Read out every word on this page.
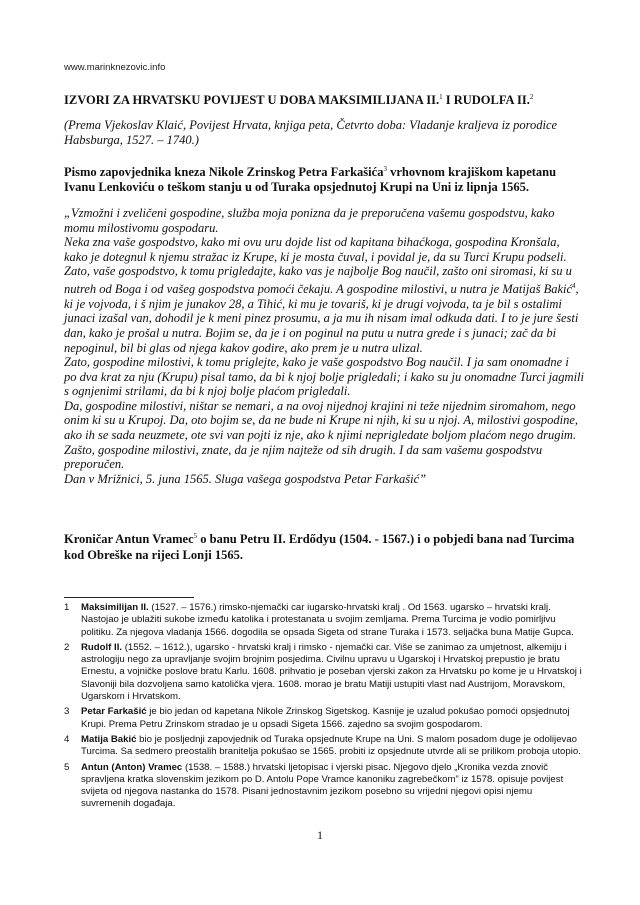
www.marinknezovic.info
IZVORI ZA HRVATSKU POVIJEST U DOBA MAKSIMILIJANA II.$^1$ I RUDOLFA II.$^2$
(Prema Vjekoslav Klaić, Povijest Hrvata, knjiga peta, Četvrto doba: Vladanje kraljeva iz porodice Habsburga, 1527. – 1740.)
Pismo zapovjednika kneza Nikole Zrinskog Petra Farkašića$^3$ vrhovnom krajiškom kapetanu Ivanu Lenkoviću o teškom stanju u od Turaka opsjednutoj Krupi na Uni iz lipnja 1565.

„Vzmožni i zveličeni gospodine, služba moja ponizna da je preporučena vašemu gospodstvu, kako momu milostivomu gospodaru.

Neka zna vaše gospodstvo, kako mi ovu uru dojde list od kapitana bihaćkoga, gospodina Kronšala, kako je dotegnul k njemu stražac iz Krupe, ki je mosta čuval, i povidal je, da su Turci Krupu podseli.

Zato, vaše gospodstvo, k tomu prigledajte, kako vas je najbolje Bog naučil, zašto oni siromasi, ki su u nutreh od Boga i od vašeg gospodstva pomoći čekaju. A gospodine milostivi, u nutra je Matijaš Bakić$^4$, ki je vojvoda, i š njim je junakov 28, a Tihić, ki mu je tovariš, ki je drugi vojvoda, ta je bil s ostalimi junaci izašal van, dohodil je k meni pinez prosити, a ja mu ih nisam imal odkuda dati. I to je jure šesti dan, kako je prošal u nutra. Bojim se, da je i on poginul na putu u nutra grede i s junaci; zač da bi nepoginul, bil bi glas od njega kakov godire, ako prem je u nutra ulizal.

Zato, gospodine milostivi, k tomu priglejte, kako je vaše gospodstvo Bog naučil. I ja sam onomadne i po dva krat za nju (Krupu) pisal tamo, da bi k njoj bolje prigledali; i kako su ju onomadne Turci jagmili s ognjenimi strilami, da bi k njoj bolje plaćom prigledali.

Da, gospodine milostivi, ništar se nemari, a na ovoj nijednoj krajini ni teže nijednim siromahom, nego onim ki su u Krupoj. Da, oto bojim se, da ne bude ni Krupe ni njih, ki su u njoj. A, milostivi gospodine, ako ih se sada neuzmete, ote svi van pojti iz nje, ako k njimi neprigledate boljom plaćom nego drugim.

Zašto, gospodine milostivi, znate, da je njim najteže od sih drugih. I da sam vašemu gospodstvu preporučen.

Dan v Mrižnici, 5. juna 1565. Sluga vašega gospodstva Petar Farkašić”

Kroničar Antun Vramec$^5$ o banu Petru II. Erdődyu (1504. - 1567.) i o pobjedi bana nad Turcima kod Obreške na rijeci Lonji 1565.
1	Maksimilijan II. (1527. – 1576.) rimsko-njemački car iugarsko-hrvatski kralj . Od 1563. ugarsko – hrvatski kralj. Nastojao je ublažiti sukobe između katolika i protestanata u svojim zemljama. Prema Turcima je vodio pomirljivu politiku. Za njegova vladanja 1566. dogodila se opsada Sigeta od strane Turaka i 1573. seljačka buna Matije Gupca.
2	Rudolf II. (1552. – 1612.), ugarsko - hrvatski kralj i rimsko - njemački car. Više se zanimao za umjetnost, alkemiju i astrologiju nego za upravljanje svojim brojnim posjedima. Civilnu upravu u Ugarskoj i Hrvatskoj prepustio je bratu Ernestu, a vojničke poslove bratu Karlu. 1608. prihvatio je poseban vjerski zakon za Hrvatsku po kome je u Hrvatskoj i Slavoniji bila dozvoljena samo katolička vjera. 1608. morao je bratu Matiji ustupiti vlast nad Austrijom, Moravskom, Ugarskom i Hrvatskom.
3	Petar Farkašić je bio jedan od kapetana Nikole Zrinskog Sigetskog. Kasnije je uzalud pokušao pomoći opsjednutoj Krupi. Prema Petru Zrinskom stradao je u opsadi Sigeta 1566. zajedno sa svojim gospodarom.
4	Matija Bakić bio je posljednji zapovjednik od Turaka opsjednute Krupe na Uni. S malom posadom duge je odolijevao Turcima. Sa sedmero preostalih branitelja pokušao se 1565. probiti iz opsjednute utvrde ali se prilikom proboja utopio.
5	Antun (Anton) Vramec (1538. – 1588.) hrvatski ljetopisac i vjerski pisac. Njegovo djelo „Kronika vezda znovič spravljena kratka slovenskim jezikom po D. Antolu Pope Vramce kanoniku zagrebečkom” iz 1578. opisuje povijest svijeta od njegova nastanka do 1578. Pisani jednostavnim jezikom posebno su vrijedni njegovi opisi njemu suvremenih događaja.
1
